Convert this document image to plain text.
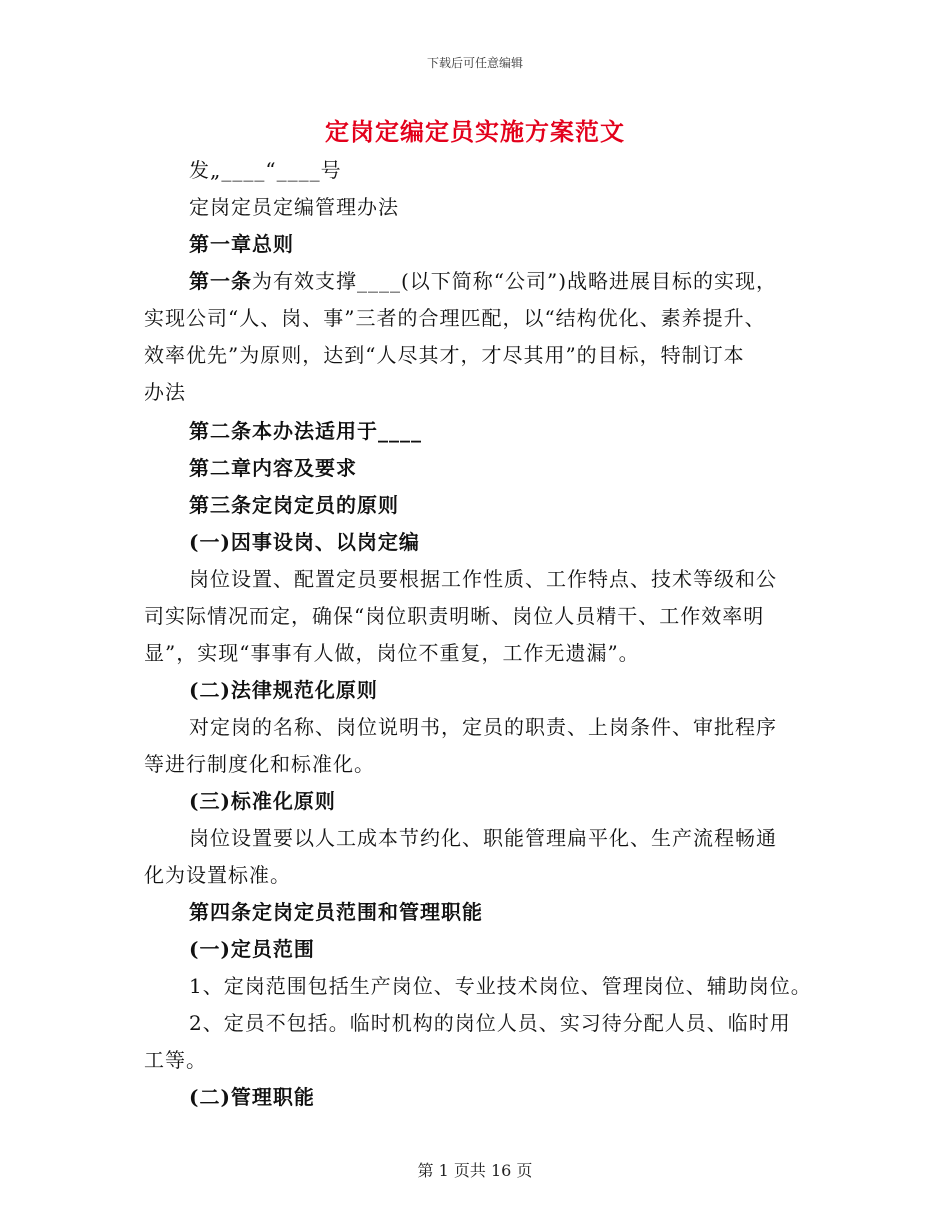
下载后可任意编辑
定岗定编定员实施方案范文

发„____“____号

定岗定员定编管理办法

第一章总则

第一条为有效支撑____(以下简称“公司”)战略进展目标的实现，

实现公司“人、岗、事”三者的合理匹配，以“结构优化、素养提升、

效率优先”为原则，达到“人尽其才，才尽其用”的目标，特制订本

办法

第二条本办法适用于____

第二章内容及要求

第三条定岗定员的原则

(一)因事设岗、以岗定编

岗位设置、配置定员要根据工作性质、工作特点、技术等级和公

司实际情况而定，确保“岗位职责明晰、岗位人员精干、工作效率明

显”，实现“事事有人做，岗位不重复，工作无遗漏”。

(二)法律规范化原则

对定岗的名称、岗位说明书，定员的职责、上岗条件、审批程序

等进行制度化和标准化。

(三)标准化原则

岗位设置要以人工成本节约化、职能管理扁平化、生产流程畅通

化为设置标准。

第四条定岗定员范围和管理职能

(一)定员范围

1、定岗范围包括生产岗位、专业技术岗位、管理岗位、辅助岗位。

2、定员不包括。临时机构的岗位人员、实习待分配人员、临时用

工等。

(二)管理职能

第 1 页共 16 页
